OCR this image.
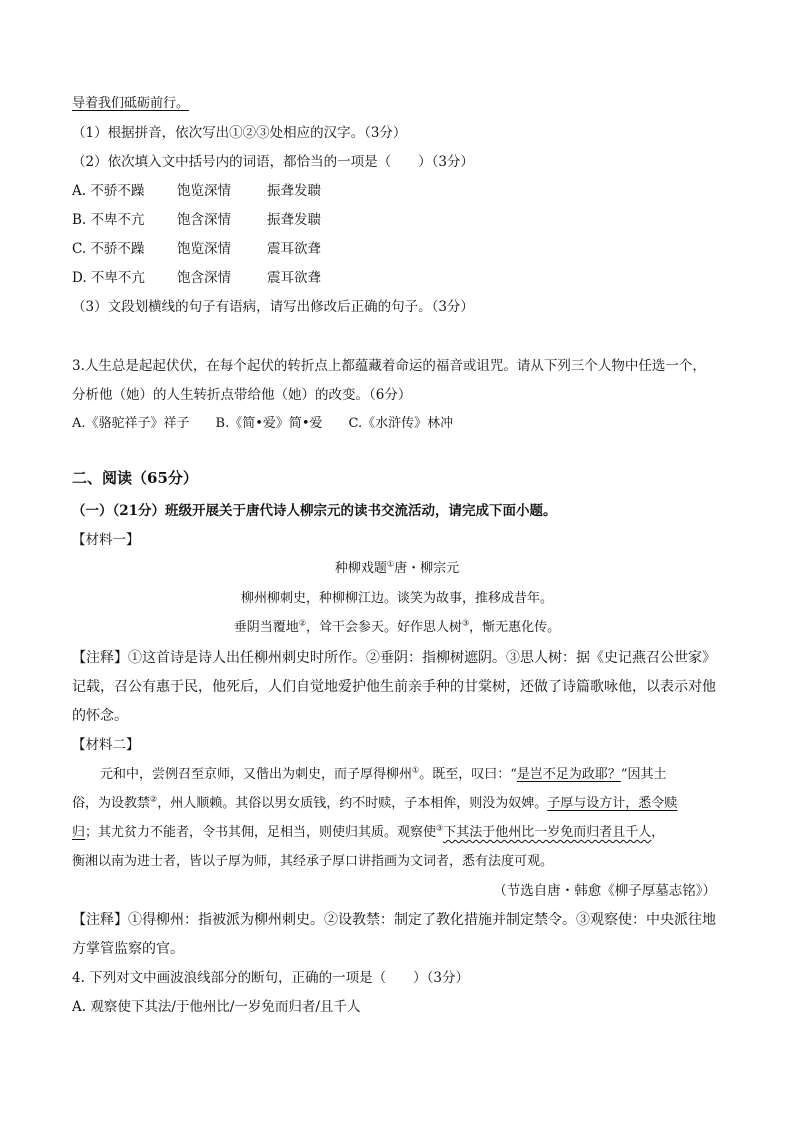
导着我们砥砺前行。
（1）根据拼音，依次写出①②③处相应的汉字。（3分）
（2）依次填入文中括号内的词语，都恰当的一项是（　　）（3分）
A. 不骄不躁 饱览深情	振聋发聩
B. 不卑不亢 饱含深情	振聋发聩
C. 不骄不躁 饱览深情	震耳欲聋
D. 不卑不亢 饱含深情	震耳欲聋
（3）文段划横线的句子有语病，请写出修改后正确的句子。（3分）
3.人生总是起起伏伏，在每个起伏的转折点上都蕴藏着命运的福音或诅咒。请从下列三个人物中任选一个，
分析他（她）的人生转折点带给他（她）的改变。（6分）
A.《骆驼祥子》祥子　　B.《简•爱》简•爱　　C.《水浒传》林冲
二、阅读（65分）
（一）（21分）班级开展关于唐代诗人柳宗元的读书交流活动，请完成下面小题。
【材料一】
种柳戏题①唐・柳宗元
柳州柳刺史，种柳柳江边。谈笑为故事，推移成昔年。
垂阴当覆地②，耸干会参天。好作思人树③，惭无惠化传。
【注释】①这首诗是诗人出任柳州刺史时所作。②垂阴：指柳树遮阴。③思人树：据《史记燕召公世家》
记载，召公有惠于民，他死后，人们自觉地爱护他生前亲手种的甘棠树，还做了诗篇歌咏他，以表示对他
的怀念。
【材料二】
元和中，尝例召至京师，又偕出为刺史，而子厚得柳州①。既至，叹曰：“是岂不足为政耶？”因其土
俗，为设教禁②，州人顺赖。其俗以男女质钱，约不时赎，子本相侔，则没为奴婢。子厚与设方计，悉令赎
归；其尤贫力不能者，令书其佣，足相当，则使归其质。观察使③下其法于他州比一岁免而归者且千人，
衡湘以南为进士者，皆以子厚为师，其经承子厚口讲指画为文词者，悉有法度可观。
（节选自唐・韩愈《柳子厚墓志铭》）
【注释】①得柳州：指被派为柳州刺史。②设教禁：制定了教化措施并制定禁令。③观察使：中央派往地
方掌管监察的官。
4. 下列对文中画波浪线部分的断句，正确的一项是（　　）（3分）
A. 观察使下其法/于他州比/一岁免而归者/且千人
